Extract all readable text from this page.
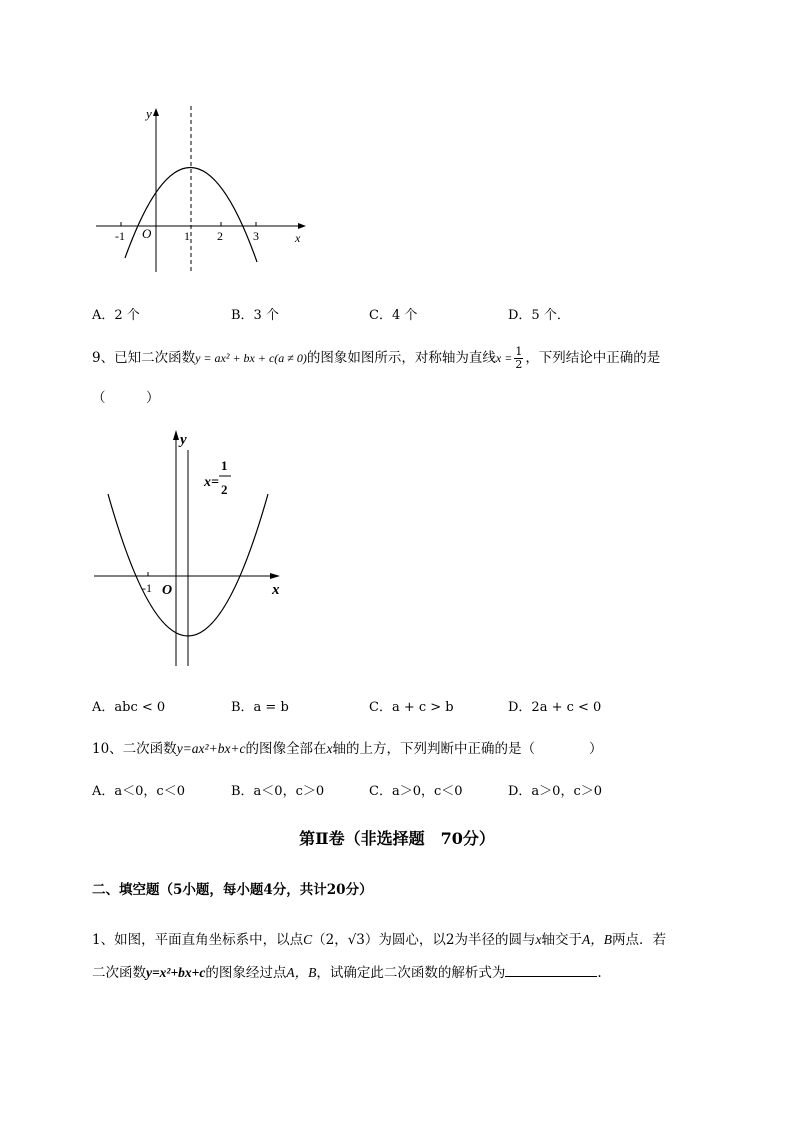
y
x
O
-1	1 2	3
A．2 个	B．3 个	C．4 个	D．5 个．
9、已知二次函数y = ax² + bx + c(a ≠ 0)的图象如图所示，对称轴为直线$x = \frac{1}{2}$ ，下列结论中正确的是
（　　　）
y
x
O
-1
x=
1
2
A．abc < 0	B．a = b	C．a + c > b	D．2a + c < 0
10、二次函数y=ax²+bx+c的图像全部在x轴的上方，下列判断中正确的是（　　　　）
A．a＜0，c＜0	B．a＜0，c＞0	C．a＞0，c＜0	D．a＞0，c＞0
第Ⅱ卷（非选择题　70分）
二、填空题（5小题，每小题4分，共计20分）
1、如图，平面直角坐标系中，以点C（2，√3）为圆心，以2为半径的圆与x轴交于A，B两点．若
二次函数y=x²+bx+c的图象经过点A，B，试确定此二次函数的解析式为	.
